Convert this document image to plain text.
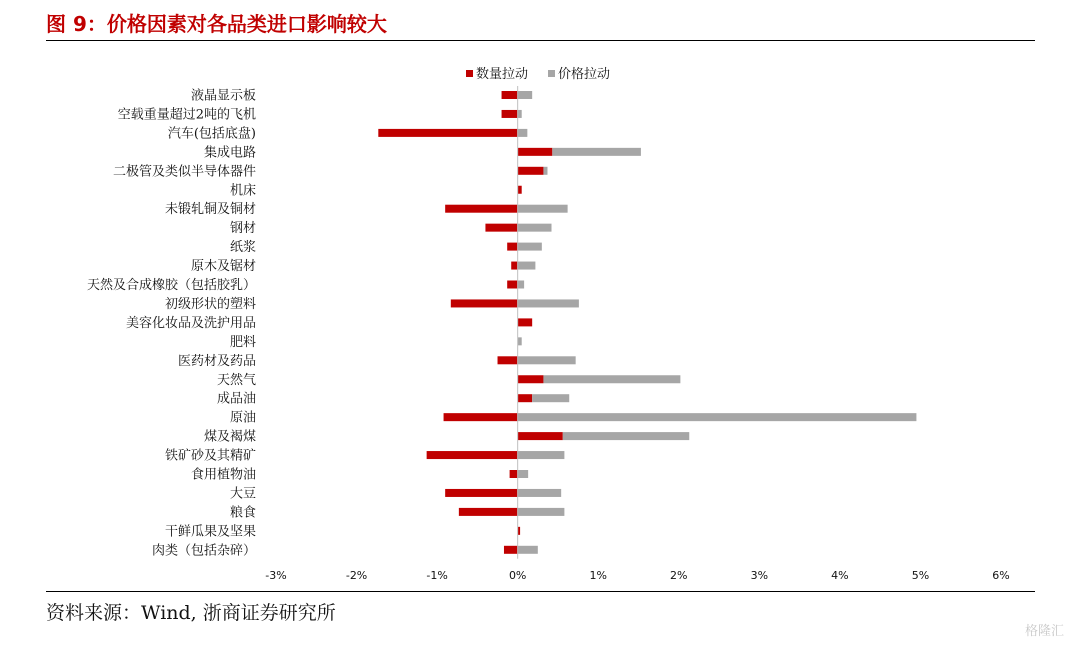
图 9：价格因素对各品类进口影响较大
数量拉动 价格拉动
液晶显示板
空载重量超过2吨的飞机
汽车(包括底盘)
集成电路
二极管及类似半导体器件
机床
未锻轧铜及铜材
钢材
纸浆
原木及锯材
天然及合成橡胶（包括胶乳）
初级形状的塑料
美容化妆品及洗护用品
肥料
医药材及药品
天然气
成品油
原油
煤及褐煤
铁矿砂及其精矿
食用植物油
大豆
粮食
干鲜瓜果及坚果
肉类（包括杂碎）
-3%	-2%	-1%	0%	1%	2%	3%	4%	5%	6%
资料来源：Wind, 浙商证券研究所
格隆汇
